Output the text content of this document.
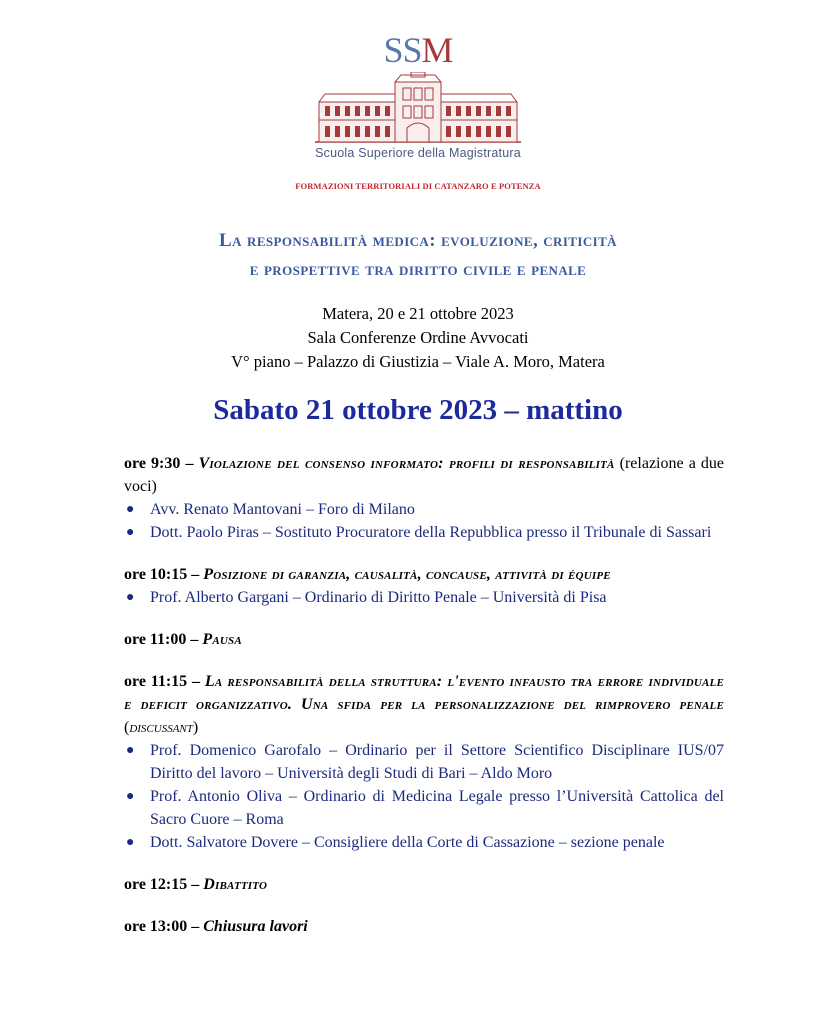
SSM
Scuola Superiore della Magistratura
FORMAZIONI TERRITORIALI DI CATANZARO E POTENZA
La responsabilità medica: evoluzione, criticità
e prospettive tra diritto civile e penale
Matera, 20 e 21 ottobre 2023
Sala Conferenze Ordine Avvocati
V° piano – Palazzo di Giustizia – Viale A. Moro, Matera
Sabato 21 ottobre 2023 – mattino

ore 9:30 – Violazione del consenso informato: profili di responsabilità (relazione a due voci)

● Avv. Renato Mantovani – Foro di Milano
● Dott. Paolo Piras – Sostituto Procuratore della Repubblica presso il Tribunale di Sassari

ore 10:15 – Posizione di garanzia, causalità, concause, attività di équipe

● Prof. Alberto Gargani – Ordinario di Diritto Penale – Università di Pisa

ore 11:00 – Pausa

ore 11:15 – La responsabilità della struttura: l'evento infausto tra errore individuale e deficit organizzativo. Una sfida per la personalizzazione del rimprovero penale (discussant)

● Prof. Domenico Garofalo – Ordinario per il Settore Scientifico Disciplinare IUS/07 Diritto del lavoro – Università degli Studi di Bari – Aldo Moro
● Prof. Antonio Oliva – Ordinario di Medicina Legale presso l’Università Cattolica del Sacro Cuore – Roma
● Dott. Salvatore Dovere – Consigliere della Corte di Cassazione – sezione penale

ore 12:15 – Dibattito

ore 13:00 – Chiusura lavori
